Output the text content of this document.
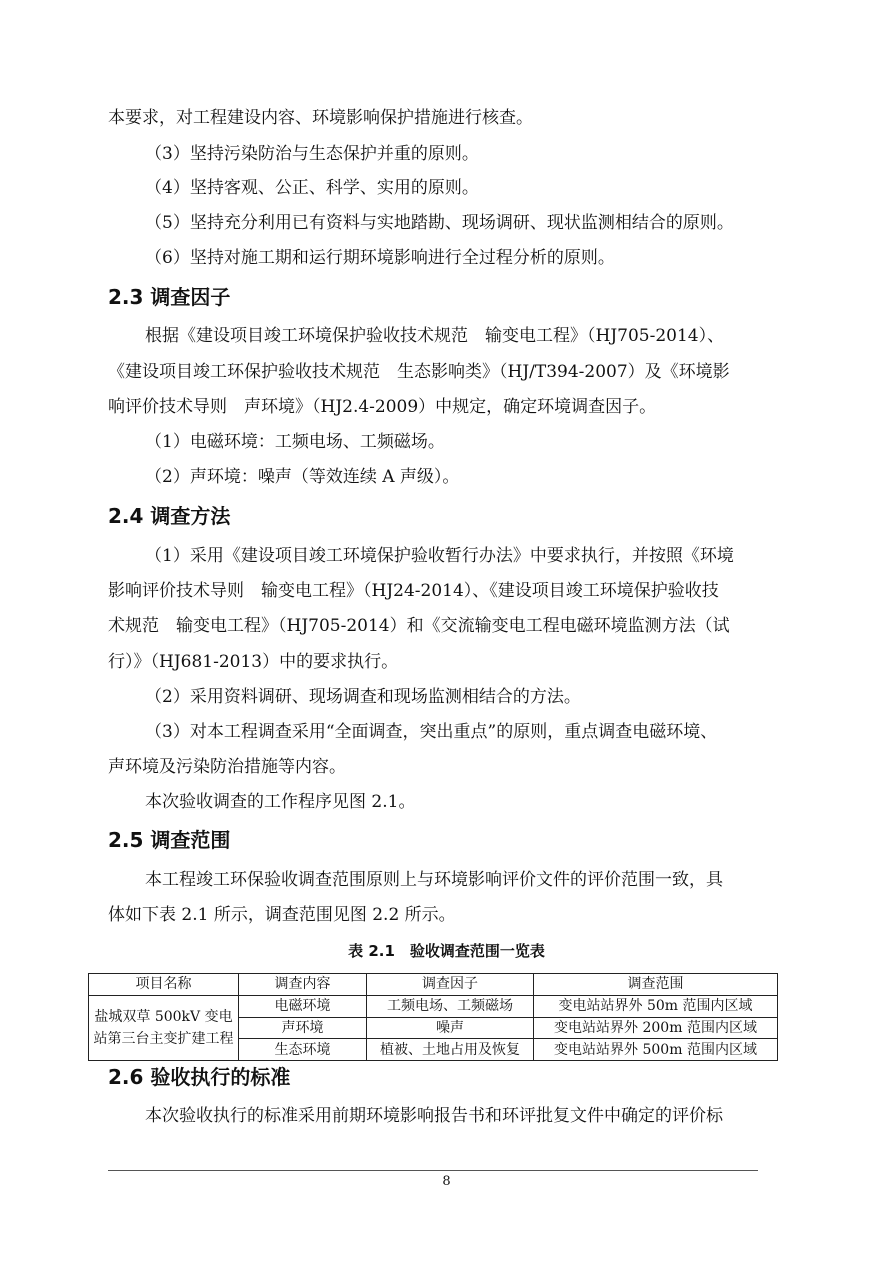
本要求，对工程建设内容、环境影响保护措施进行核查。
（3）坚持污染防治与生态保护并重的原则。
（4）坚持客观、公正、科学、实用的原则。
（5）坚持充分利用已有资料与实地踏勘、现场调研、现状监测相结合的原则。
（6）坚持对施工期和运行期环境影响进行全过程分析的原则。
2.3 调查因子
根据《建设项目竣工环境保护验收技术规范　输变电工程》（HJ705-2014）、
《建设项目竣工环保护验收技术规范　生态影响类》（HJ/T394-2007）及《环境影
响评价技术导则　声环境》（HJ2.4-2009）中规定，确定环境调查因子。
（1）电磁环境：工频电场、工频磁场。
（2）声环境：噪声（等效连续 A 声级）。
2.4 调查方法
（1）采用《建设项目竣工环境保护验收暂行办法》中要求执行，并按照《环境
影响评价技术导则　输变电工程》（HJ24-2014）、《建设项目竣工环境保护验收技
术规范　输变电工程》（HJ705-2014）和《交流输变电工程电磁环境监测方法（试
行）》（HJ681-2013）中的要求执行。
（2）采用资料调研、现场调查和现场监测相结合的方法。
（3）对本工程调查采用“全面调查，突出重点”的原则，重点调查电磁环境、
声环境及污染防治措施等内容。
本次验收调查的工作程序见图 2.1。
2.5 调查范围
本工程竣工环保验收调查范围原则上与环境影响评价文件的评价范围一致，具
体如下表 2.1 所示，调查范围见图 2.2 所示。
表 2.1　验收调查范围一览表
项目名称	调查内容	调查因子	调查范围
盐城双草 500kV 变电站第三台主变扩建工程	电磁环境	工频电场、工频磁场	变电站站界外 50m 范围内区域
	声环境	噪声	变电站站界外 200m 范围内区域
	生态环境	植被、土地占用及恢复	变电站站界外 500m 范围内区域
2.6 验收执行的标准
本次验收执行的标准采用前期环境影响报告书和环评批复文件中确定的评价标
8
